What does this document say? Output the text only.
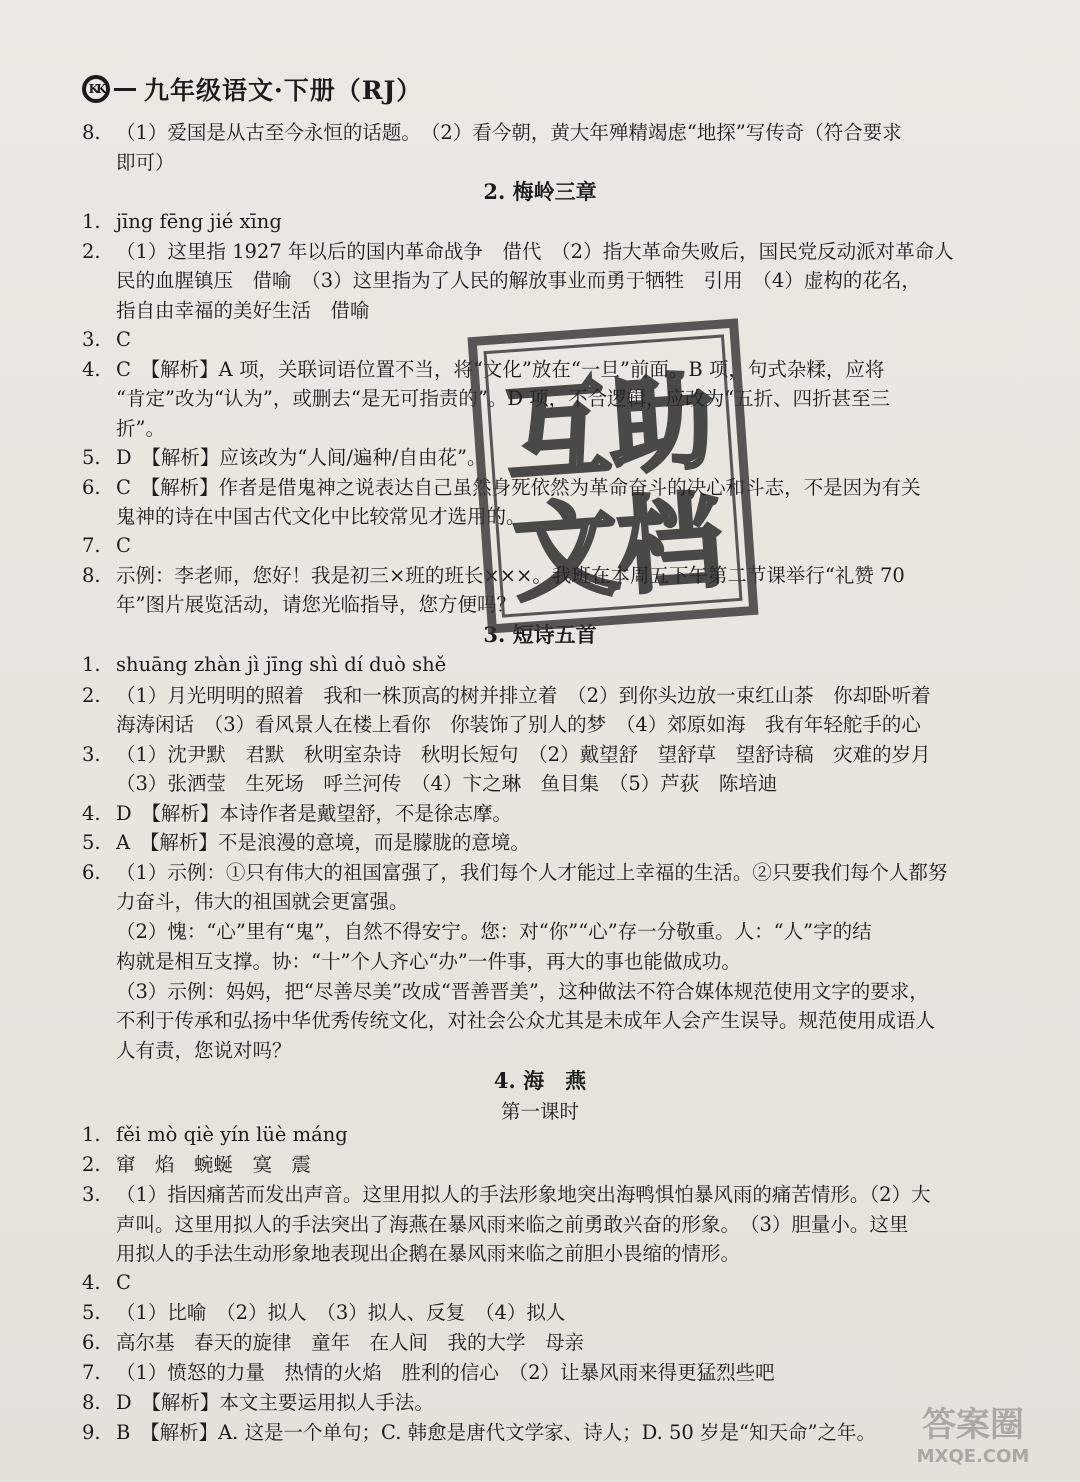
KK 九年级语文·下册（RJ）
8. （1）爱国是从古至今永恒的话题。　（2）看今朝，黄大年殚精竭虑“地探”写传奇（符合要求
即可）
2. 梅岭三章
1. jīng fēng jié xīng
2. （1）这里指 1927 年以后的国内革命战争　借代　（2）指大革命失败后，国民党反动派对革命人
民的血腥镇压　借喻　（3）这里指为了人民的解放事业而勇于牺牲　引用　（4）虚构的花名，
指自由幸福的美好生活　借喻
3. C
4. C　【解析】A 项，关联词语位置不当，将“文化”放在“一旦”前面。B 项，句式杂糅，应将
“肯定”改为“认为”，或删去“是无可指责的”。D 项，不合逻辑，应改为“五折、四折甚至三
折”。
5. D　【解析】应该改为“人间/遍种/自由花”。
6. C　【解析】作者是借鬼神之说表达自己虽然身死依然为革命奋斗的决心和斗志，不是因为有关
鬼神的诗在中国古代文化中比较常见才选用的。
7. C
8. 示例：李老师，您好！我是初三×班的班长×××。我班在本周五下午第二节课举行“礼赞 70
年”图片展览活动，请您光临指导，您方便吗？
3. 短诗五首
1. shuāng zhàn jì jīng shì dí duò shě
2. （1）月光明明的照着　我和一株顶高的树并排立着　（2）到你头边放一束红山茶　你却卧听着
海涛闲话　（3）看风景人在楼上看你　你装饰了别人的梦　（4）郊原如海　我有年轻舵手的心
3. （1）沈尹默　君默　秋明室杂诗　秋明长短句　（2）戴望舒　望舒草　望舒诗稿　灾难的岁月
（3）张洒莹　生死场　呼兰河传　（4）卞之琳　鱼目集　（5）芦荻　陈培迪
4. D　【解析】本诗作者是戴望舒，不是徐志摩。
5. A　【解析】不是浪漫的意境，而是朦胧的意境。
6. （1）示例：①只有伟大的祖国富强了，我们每个人才能过上幸福的生活。②只要我们每个人都努
力奋斗，伟大的祖国就会更富强。
（2）愧：“心”里有“鬼”，自然不得安宁。您：对“你”“心”存一分敬重。人：“人”字的结
构就是相互支撑。协：“十”个人齐心“办”一件事，再大的事也能做成功。
（3）示例：妈妈，把“尽善尽美”改成“晋善晋美”，这种做法不符合媒体规范使用文字的要求，
不利于传承和弘扬中华优秀传统文化，对社会公众尤其是未成年人会产生误导。规范使用成语人
人有责，您说对吗？
4. 海　燕
第一课时
1. fěi mò qiè yín lüè máng
2. 窜　焰　蜿蜒　寞　震
3. （1）指因痛苦而发出声音。这里用拟人的手法形象地突出海鸭惧怕暴风雨的痛苦情形。（2）大
声叫。这里用拟人的手法突出了海燕在暴风雨来临之前勇敢兴奋的形象。　（3）胆量小。这里
用拟人的手法生动形象地表现出企鹅在暴风雨来临之前胆小畏缩的情形。
4. C
5. （1）比喻　（2）拟人　（3）拟人、反复　（4）拟人
6. 高尔基　春天的旋律　童年　在人间　我的大学　母亲
7. （1）愤怒的力量　热情的火焰　胜利的信心　（2）让暴风雨来得更猛烈些吧
8. D　【解析】本文主要运用拟人手法。
9. B　【解析】A. 这是一个单句；C. 韩愈是唐代文学家、诗人；D. 50 岁是“知天命”之年。
互助
文档
答案圈
MXQE.COM
